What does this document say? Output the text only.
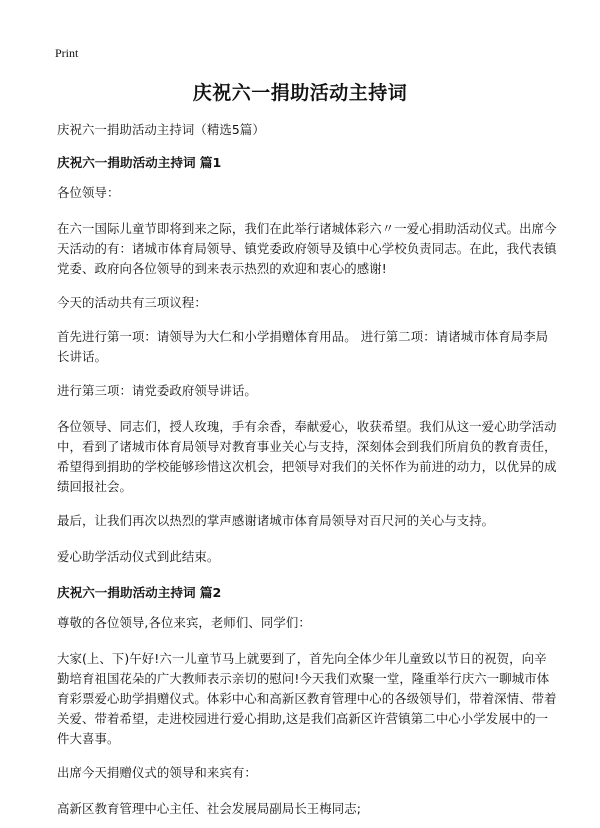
Print
庆祝六一捐助活动主持词

庆祝六一捐助活动主持词（精选5篇）

庆祝六一捐助活动主持词 篇1

各位领导：

在六一国际儿童节即将到来之际，我们在此举行诸城体彩六〃一爱心捐助活动仪式。出席今天活动的有：诸城市体育局领导、镇党委政府领导及镇中心学校负责同志。在此，我代表镇党委、政府向各位领导的到来表示热烈的欢迎和衷心的感谢!

今天的活动共有三项议程：

首先进行第一项：请领导为大仁和小学捐赠体育用品。 进行第二项：请诸城市体育局李局长讲话。

进行第三项：请党委政府领导讲话。

各位领导、同志们，授人玫瑰，手有余香，奉献爱心，收获希望。我们从这一爱心助学活动中，看到了诸城市体育局领导对教育事业关心与支持，深刻体会到我们所肩负的教育责任，希望得到捐助的学校能够珍惜这次机会，把领导对我们的关怀作为前进的动力，以优异的成绩回报社会。

最后，让我们再次以热烈的掌声感谢诸城市体育局领导对百尺河的关心与支持。

爱心助学活动仪式到此结束。

庆祝六一捐助活动主持词 篇2

尊敬的各位领导,各位来宾，老师们、同学们：

大家(上、下)午好!六一儿童节马上就要到了，首先向全体少年儿童致以节日的祝贺，向辛勤培育祖国花朵的广大教师表示亲切的慰问!今天我们欢聚一堂，隆重举行庆六一聊城市体育彩票爱心助学捐赠仪式。体彩中心和高新区教育管理中心的各级领导们，带着深情、带着关爱、带着希望，走进校园进行爱心捐助,这是我们高新区许营镇第二中心小学发展中的一件大喜事。

出席今天捐赠仪式的领导和来宾有：

高新区教育管理中心主任、社会发展局副局长王梅同志;
